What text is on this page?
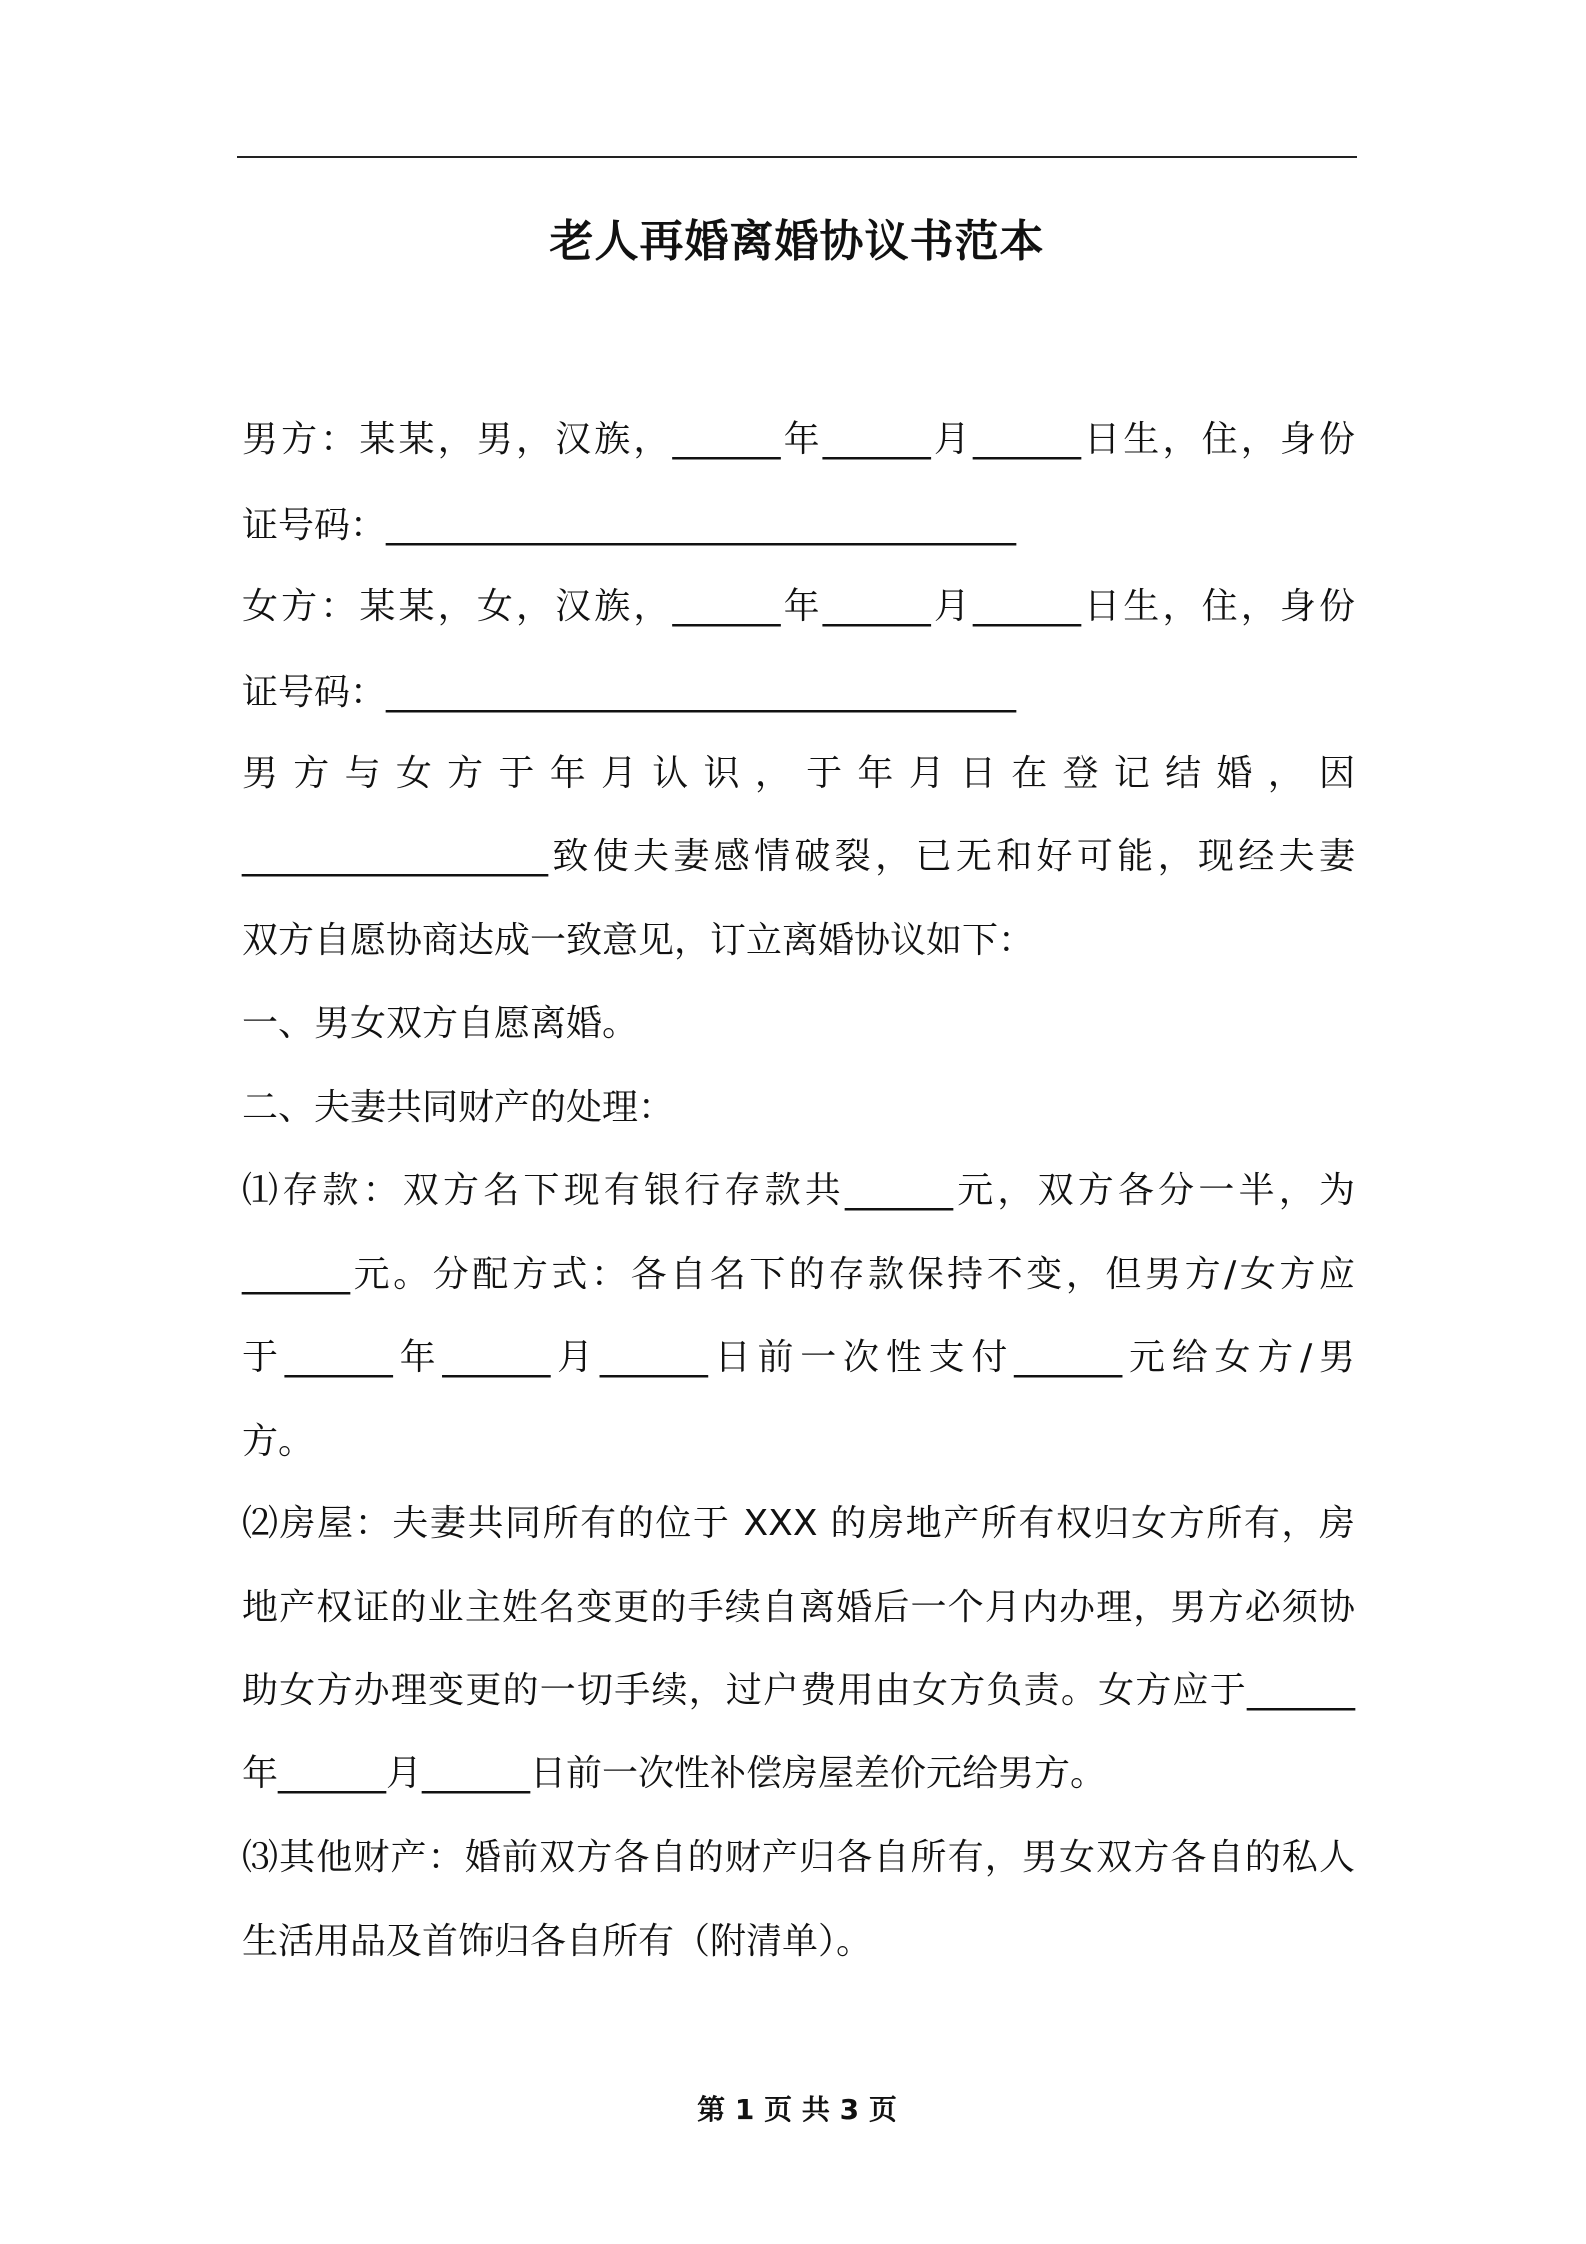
老人再婚离婚协议书范本
男方：某某，男，汉族，______年______月______日生，住，身份
证号码：___________________________________
女方：某某，女，汉族，______年______月______日生，住，身份
证号码：___________________________________
男 方 与 女 方 于 年 月 认 识 ， 于 年 月 日 在 登 记 结 婚 ， 因
_________________致使夫妻感情破裂，已无和好可能，现经夫妻
双方自愿协商达成一致意见，订立离婚协议如下：
一、男女双方自愿离婚。
二、夫妻共同财产的处理：
⑴存款：双方名下现有银行存款共______元，双方各分一半，为
______元。分配方式：各自名下的存款保持不变，但男方/女方应
于______年______月______日前一次性支付______元给女方/男
方。
⑵房屋：夫妻共同所有的位于 XXX 的房地产所有权归女方所有，房
地产权证的业主姓名变更的手续自离婚后一个月内办理，男方必须协
助女方办理变更的一切手续，过户费用由女方负责。女方应于______
年______月______日前一次性补偿房屋差价元给男方。
⑶其他财产：婚前双方各自的财产归各自所有，男女双方各自的私人
生活用品及首饰归各自所有（附清单）。
第 1 页 共 3 页
